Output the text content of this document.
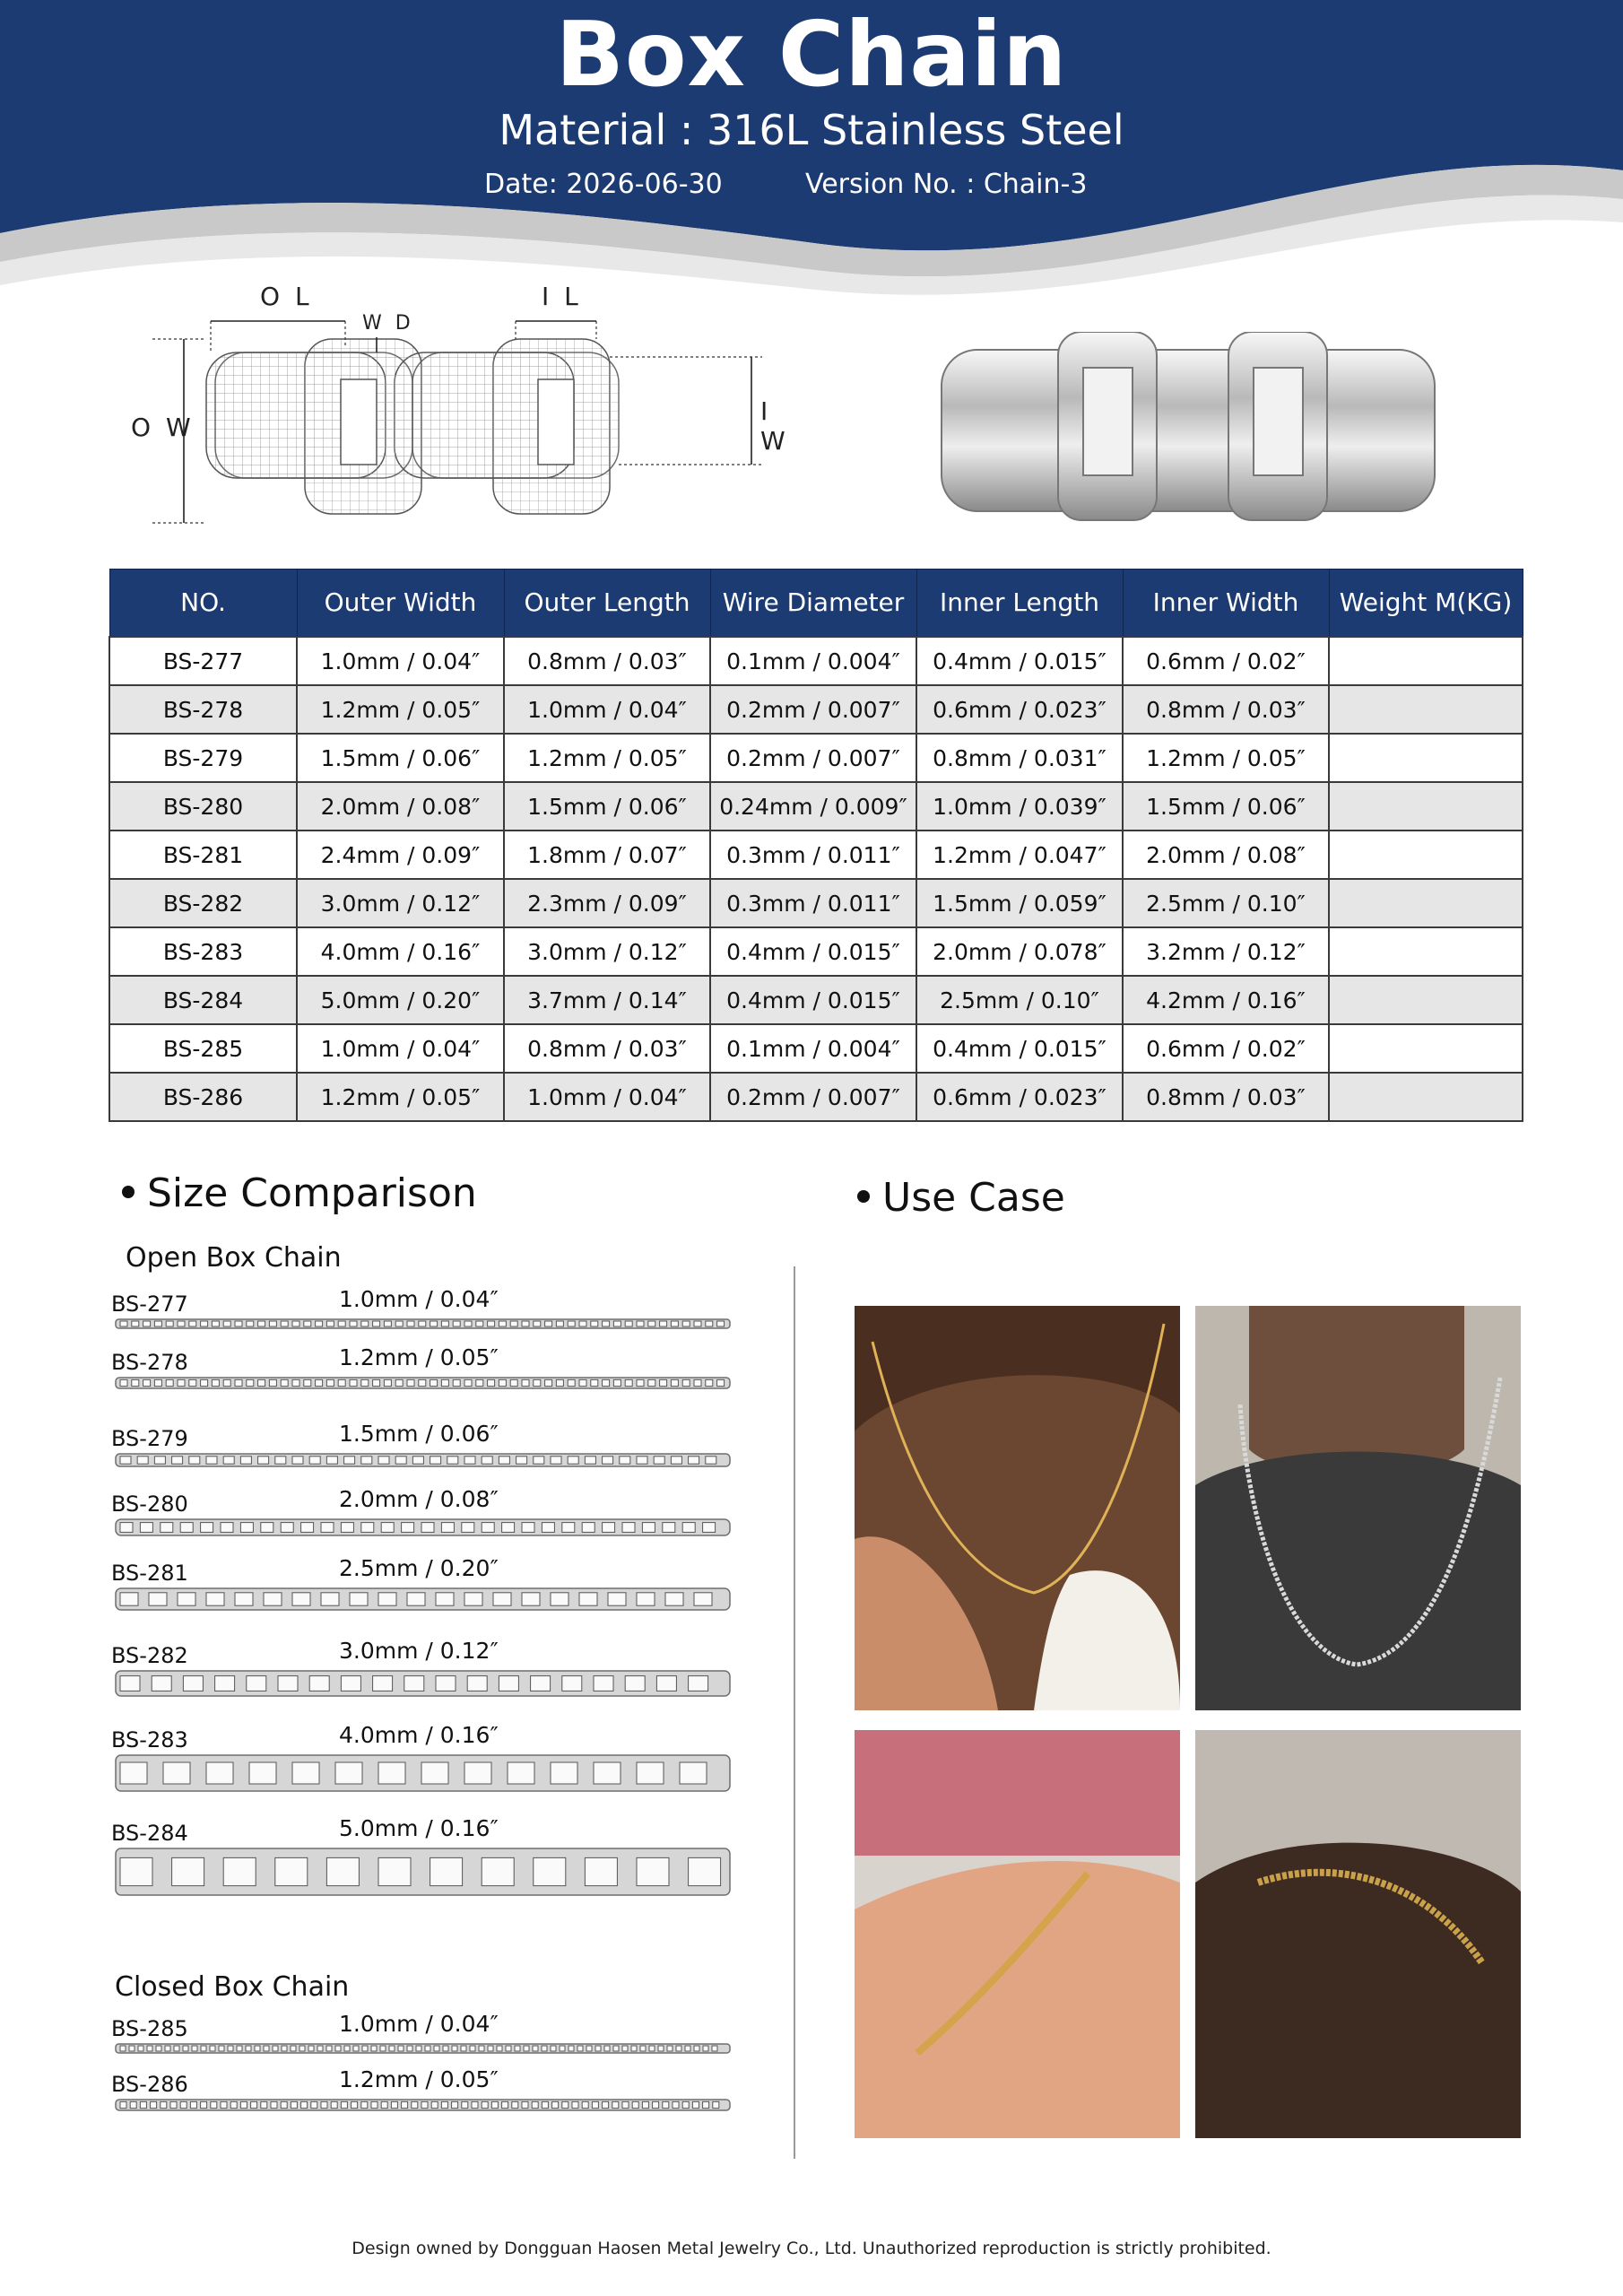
Box Chain
Material : 316L Stainless Steel
Date: 2026-06-30	Version No. : Chain-3
O L
W D
I L
O W
I W
NO.	Outer Width	Outer Length	Wire Diameter	Inner Length	Inner Width	Weight M(KG)
BS-277	1.0mm / 0.04″	0.8mm / 0.03″	0.1mm / 0.004″	0.4mm / 0.015″	0.6mm / 0.02″	
BS-278	1.2mm / 0.05″	1.0mm / 0.04″	0.2mm / 0.007″	0.6mm / 0.023″	0.8mm / 0.03″	
BS-279	1.5mm / 0.06″	1.2mm / 0.05″	0.2mm / 0.007″	0.8mm / 0.031″	1.2mm / 0.05″	
BS-280	2.0mm / 0.08″	1.5mm / 0.06″	0.24mm / 0.009″	1.0mm / 0.039″	1.5mm / 0.06″	
BS-281	2.4mm / 0.09″	1.8mm / 0.07″	0.3mm / 0.011″	1.2mm / 0.047″	2.0mm / 0.08″	
BS-282	3.0mm / 0.12″	2.3mm / 0.09″	0.3mm / 0.011″	1.5mm / 0.059″	2.5mm / 0.10″	
BS-283	4.0mm / 0.16″	3.0mm / 0.12″	0.4mm / 0.015″	2.0mm / 0.078″	3.2mm / 0.12″	
BS-284	5.0mm / 0.20″	3.7mm / 0.14″	0.4mm / 0.015″	2.5mm / 0.10″	4.2mm / 0.16″	
BS-285	1.0mm / 0.04″	0.8mm / 0.03″	0.1mm / 0.004″	0.4mm / 0.015″	0.6mm / 0.02″	
BS-286	1.2mm / 0.05″	1.0mm / 0.04″	0.2mm / 0.007″	0.6mm / 0.023″	0.8mm / 0.03″	
Size Comparison
Open Box Chain
Closed Box Chain
BS-277	1.0mm / 0.04″
BS-278	1.2mm / 0.05″
BS-279	1.5mm / 0.06″
BS-280	2.0mm / 0.08″
BS-281	2.5mm / 0.20″
BS-282	3.0mm / 0.12″
BS-283	4.0mm / 0.16″
BS-284	5.0mm / 0.16″
BS-285	1.0mm / 0.04″
BS-286	1.2mm / 0.05″
Use Case
Design owned by Dongguan Haosen Metal Jewelry Co., Ltd. Unauthorized reproduction is strictly prohibited.
